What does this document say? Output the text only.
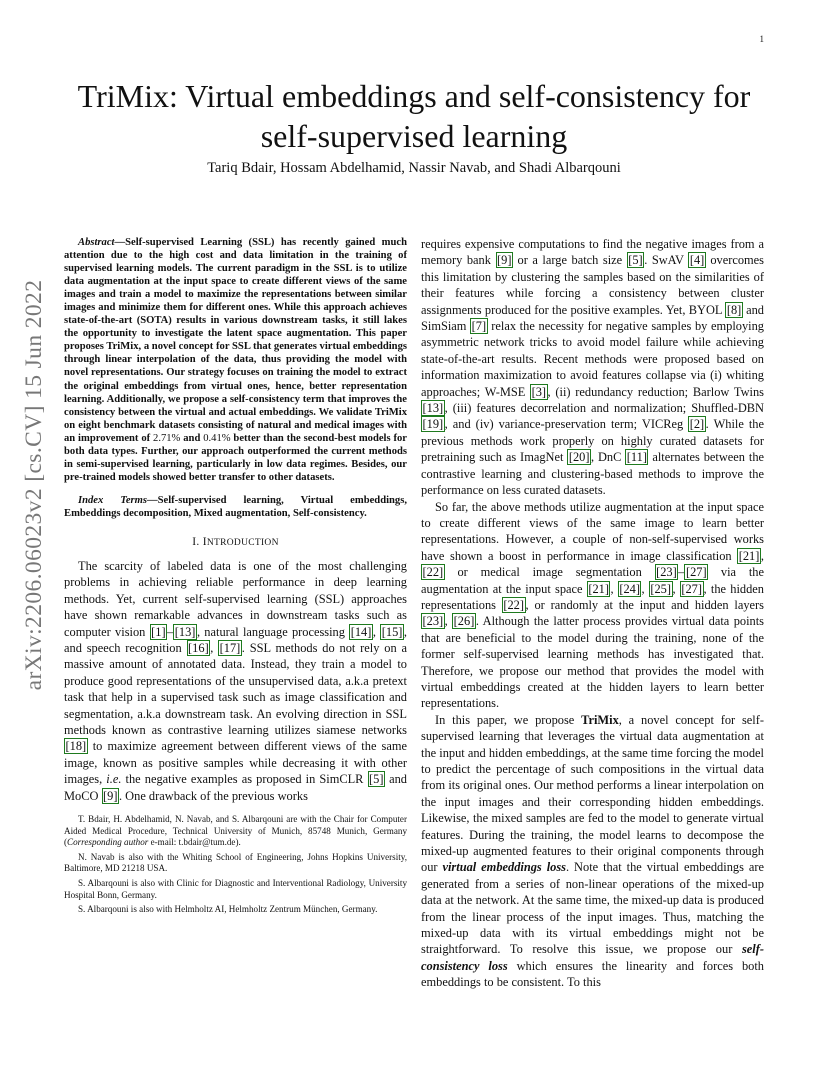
1
arXiv:2206.06023v2 [cs.CV] 15 Jun 2022
TriMix: Virtual embeddings and self-consistency for self-supervised learning
Tariq Bdair, Hossam Abdelhamid, Nassir Navab, and Shadi Albarqouni

Abstract—Self-supervised Learning (SSL) has recently gained much attention due to the high cost and data limitation in the training of supervised learning models. The current paradigm in the SSL is to utilize data augmentation at the input space to create different views of the same images and train a model to maximize the representations between similar images and minimize them for different ones. While this approach achieves state-of-the-art (SOTA) results in various downstream tasks, it still lakes the opportunity to investigate the latent space augmentation. This paper proposes TriMix, a novel concept for SSL that generates virtual embeddings through linear interpolation of the data, thus providing the model with novel representations. Our strategy focuses on training the model to extract the original embeddings from virtual ones, hence, better representation learning. Additionally, we propose a self-consistency term that improves the consistency between the virtual and actual embeddings. We validate TriMix on eight benchmark datasets consisting of natural and medical images with an improvement of 2.71% and 0.41% better than the second-best models for both data types. Further, our approach outperformed the current methods in semi-supervised learning, particularly in low data regimes. Besides, our pre-trained models showed better transfer to other datasets.

Index Terms—Self-supervised learning, Virtual embeddings, Embeddings decomposition, Mixed augmentation, Self-consistency.

I. INTRODUCTION

The scarcity of labeled data is one of the most challenging problems in achieving reliable performance in deep learning methods. Yet, current self-supervised learning (SSL) approaches have shown remarkable advances in downstream tasks such as computer vision [1] – [13] , natural language processing [14] , [15] , and speech recognition [16] , [17] . SSL methods do not rely on a massive amount of annotated data. Instead, they train a model to produce good representations of the unsupervised data, a.k.a pretext task that help in a supervised task such as image classification and segmentation, a.k.a downstream task. An evolving direction in SSL methods known as contrastive learning utilizes siamese networks [18] to maximize agreement between different views of the same image, known as positive samples while decreasing it with other images, i.e. the negative examples as proposed in SimCLR [5] and MoCO [9] . One drawback of the previous works

T. Bdair, H. Abdelhamid, N. Navab, and S. Albarqouni are with the Chair for Computer Aided Medical Procedure, Technical University of Munich, 85748 Munich, Germany (Corresponding author e-mail: t.bdair@tum.de).

N. Navab is also with the Whiting School of Engineering, Johns Hopkins University, Baltimore, MD 21218 USA.

S. Albarqouni is also with Clinic for Diagnostic and Interventional Radiology, University Hospital Bonn, Germany.

S. Albarqouni is also with Helmholtz AI, Helmholtz Zentrum München, Germany.

requires expensive computations to find the negative images from a memory bank [9] or a large batch size [5] . SwAV [4] overcomes this limitation by clustering the samples based on the similarities of their features while forcing a consistency between cluster assignments produced for the positive examples. Yet, BYOL [8] and SimSiam [7] relax the necessity for negative samples by employing asymmetric network tricks to avoid model failure while achieving state-of-the-art results. Recent methods were proposed based on information maximization to avoid features collapse via (i) whiting approaches; W-MSE [3] , (ii) redundancy reduction; Barlow Twins [13] , (iii) features decorrelation and normalization; Shuffled-DBN [19] , and (iv) variance-preservation term; VICReg [2] . While the previous methods work properly on highly curated datasets for pretraining such as ImagNet [20] , DnC [11] alternates between the contrastive learning and clustering-based methods to improve the performance on less curated datasets.

So far, the above methods utilize augmentation at the input space to create different views of the same image to learn better representations. However, a couple of non-self-supervised works have shown a boost in performance in image classification [21] , [22] or medical image segmentation [23] – [27] via the augmentation at the input space [21] , [24] , [25] , [27] , the hidden representations [22] , or randomly at the input and hidden layers [23] , [26] . Although the latter process provides virtual data points that are beneficial to the model during the training, none of the former self-supervised learning methods has investigated that. Therefore, we propose our method that provides the model with virtual embeddings created at the hidden layers to learn better representations.

In this paper, we propose TriMix, a novel concept for self-supervised learning that leverages the virtual data augmentation at the input and hidden embeddings, at the same time forcing the model to predict the percentage of such compositions in the virtual data from its original ones. Our method performs a linear interpolation on the input images and their corresponding hidden embeddings. Likewise, the mixed samples are fed to the model to generate virtual features. During the training, the model learns to decompose the mixed-up augmented features to their original components through our virtual embeddings loss. Note that the virtual embeddings are generated from a series of non-linear operations of the mixed-up data at the network. At the same time, the mixed-up data is produced from the linear process of the input images. Thus, matching the mixed-up data with its virtual embeddings might not be straightforward. To resolve this issue, we propose our self-consistency loss which ensures the linearity and forces both embeddings to be consistent. To this
